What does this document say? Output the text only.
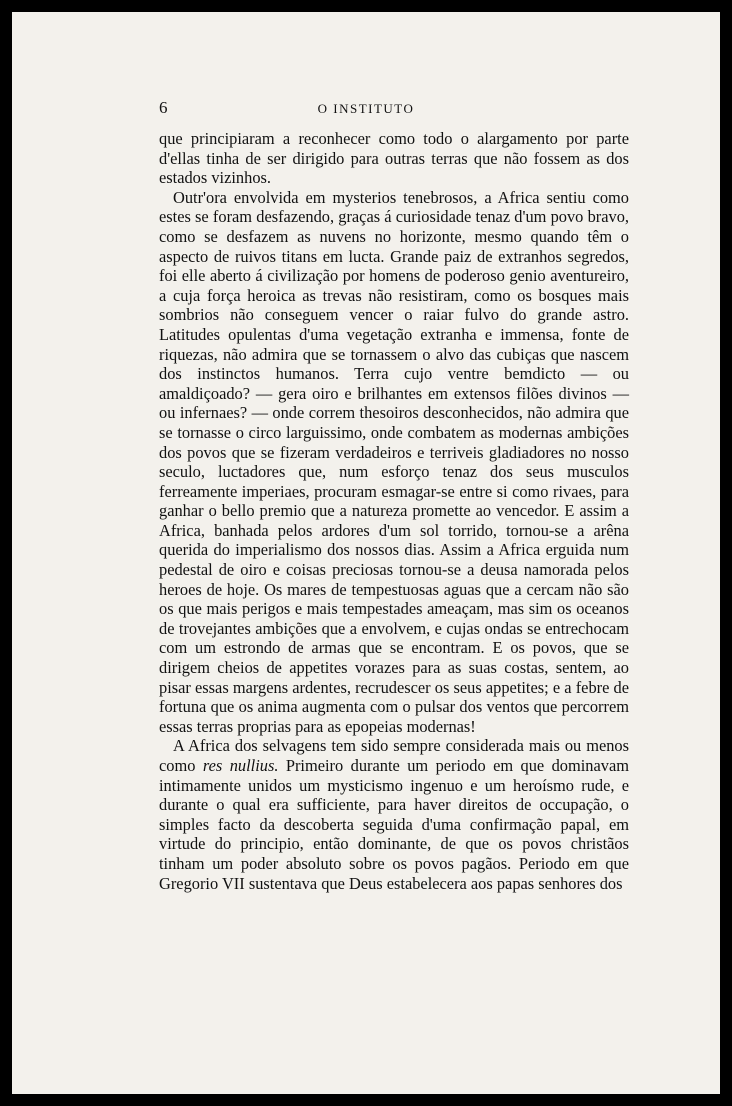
6	O INSTITUTO

que principiaram a reconhecer como todo o alargamento por parte d'ellas tinha de ser dirigido para outras terras que não fossem as dos estados vizinhos.

Outr'ora envolvida em mysterios tenebrosos, a Africa sentiu como estes se foram desfazendo, graças á curiosidade tenaz d'um povo bravo, como se desfazem as nuvens no horizonte, mesmo quando têm o aspecto de ruivos titans em lucta. Grande paiz de extranhos segredos, foi elle aberto á civilização por homens de poderoso genio aventureiro, a cuja força heroica as trevas não resistiram, como os bosques mais sombrios não conseguem vencer o raiar fulvo do grande astro. Latitudes opulentas d'uma vegetação extranha e immensa, fonte de riquezas, não admira que se tornassem o alvo das cubiças que nascem dos instinctos humanos. Terra cujo ventre bemdicto — ou amaldiçoado? — gera oiro e brilhantes em extensos filões divinos — ou infernaes? — onde correm thesoiros desconhecidos, não admira que se tornasse o circo larguissimo, onde combatem as modernas ambições dos povos que se fizeram verdadeiros e terriveis gladiadores no nosso seculo, luctadores que, num esforço tenaz dos seus musculos ferreamente imperiaes, procuram esmagar-se entre si como rivaes, para ganhar o bello premio que a natureza promette ao vencedor. E assim a Africa, banhada pelos ardores d'um sol torrido, tornou-se a arêna querida do imperialismo dos nossos dias. Assim a Africa erguida num pedestal de oiro e coisas preciosas tornou-se a deusa namorada pelos heroes de hoje. Os mares de tempestuosas aguas que a cercam não são os que mais perigos e mais tempestades ameaçam, mas sim os oceanos de trovejantes ambições que a envolvem, e cujas ondas se entrechocam com um estrondo de armas que se encontram. E os povos, que se dirigem cheios de appetites vorazes para as suas costas, sentem, ao pisar essas margens ardentes, recrudescer os seus appetites; e a febre de fortuna que os anima augmenta com o pulsar dos ventos que percorrem essas terras proprias para as epopeias modernas!

A Africa dos selvagens tem sido sempre considerada mais ou menos como res nullius. Primeiro durante um periodo em que dominavam intimamente unidos um mysticismo ingenuo e um heroísmo rude, e durante o qual era sufficiente, para haver direitos de occupação, o simples facto da descoberta seguida d'uma confirmação papal, em virtude do principio, então dominante, de que os povos christãos tinham um poder absoluto sobre os povos pagãos. Periodo em que Gregorio VII sustentava que Deus estabelecera aos papas senhores dos
